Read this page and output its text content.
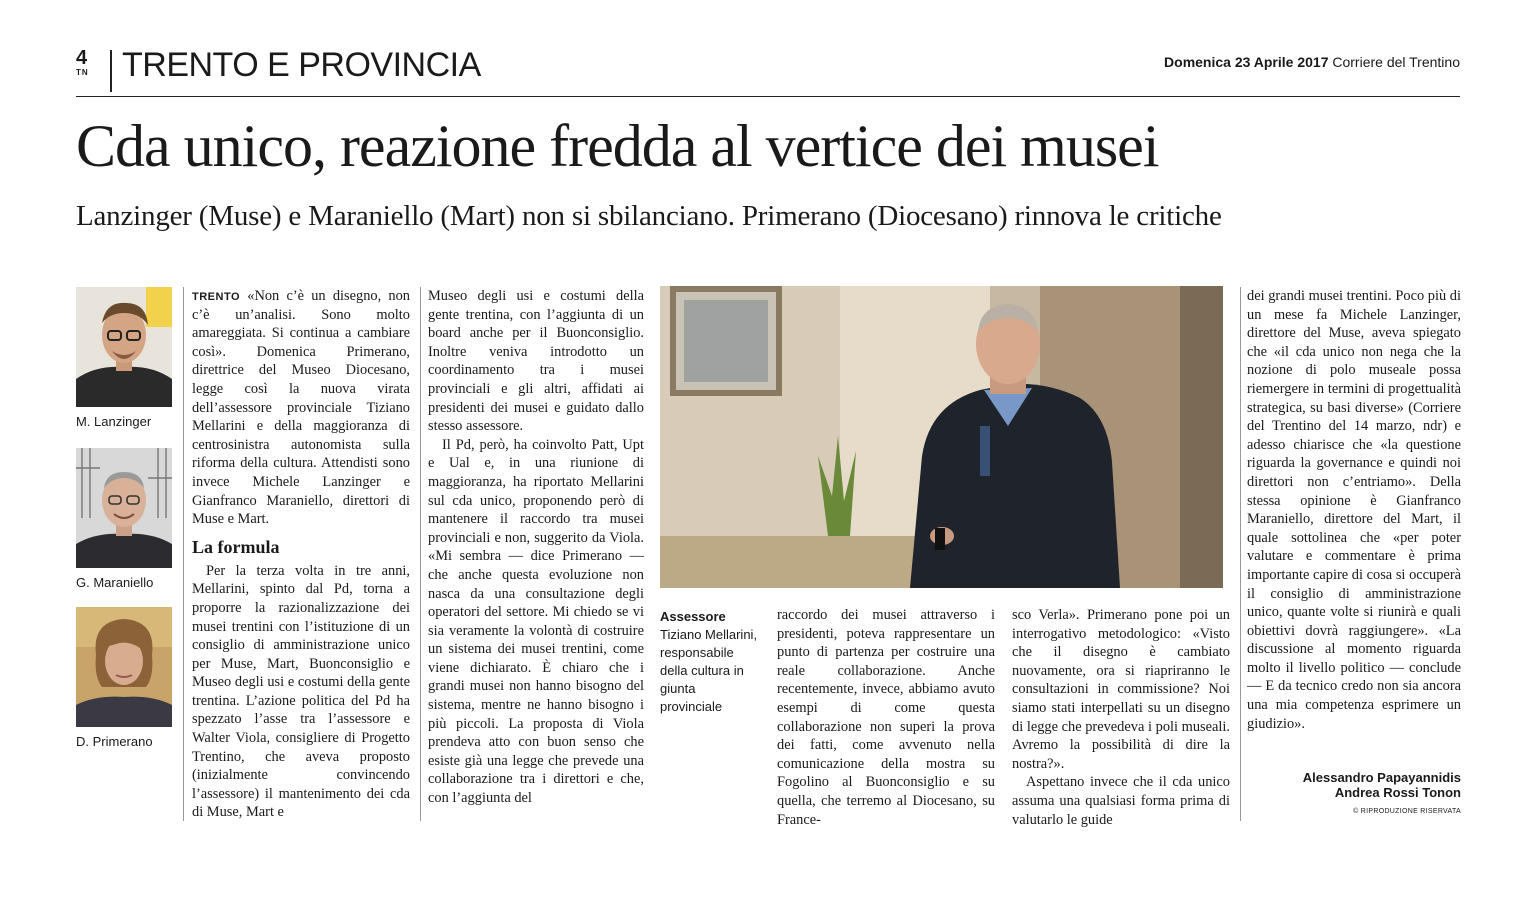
4
TN TRENTO E PROVINCIA	Domenica 23 Aprile 2017 Corriere del Trentino
Cda unico, reazione fredda al vertice dei musei
Lanzinger (Muse) e Maraniello (Mart) non si sbilanciano. Primerano (Diocesano) rinnova le critiche
M. Lanzinger
G. Maraniello
D. Primerano

TRENTO «Non c’è un disegno, non c’è un’analisi. Sono molto amareggiata. Si continua a cambiare così». Domenica Primerano, direttrice del Museo Diocesano, legge così la nuova virata dell’assessore provinciale Tiziano Mellarini e della maggioranza di centrosinistra autonomista sulla riforma della cultura. Attendisti sono invece Michele Lanzinger e Gianfranco Maraniello, direttori di Muse e Mart.

La formula

Per la terza volta in tre anni, Mellarini, spinto dal Pd, torna a proporre la razionalizzazione dei musei trentini con l’istituzione di un consiglio di amministrazione unico per Muse, Mart, Buonconsiglio e Museo degli usi e costumi della gente trentina. L’azione politica del Pd ha spezzato l’asse tra l’assessore e Walter Viola, consigliere di Progetto Trentino, che aveva proposto (inizialmente convincendo l’assessore) il mantenimento dei cda di Muse, Mart e

Museo degli usi e costumi della gente trentina, con l’aggiunta di un board anche per il Buonconsiglio. Inoltre veniva introdotto un coordinamento tra i musei provinciali e gli altri, affidati ai presidenti dei musei e guidato dallo stesso assessore.

Il Pd, però, ha coinvolto Patt, Upt e Ual e, in una riunione di maggioranza, ha riportato Mellarini sul cda unico, proponendo però di mantenere il raccordo tra musei provinciali e non, suggerito da Viola. «Mi sembra — dice Primerano — che anche questa evoluzione non nasca da una consultazione degli operatori del settore. Mi chiedo se vi sia veramente la volontà di costruire un sistema dei musei trentini, come viene dichiarato. È chiaro che i grandi musei non hanno bisogno del sistema, mentre ne hanno bisogno i più piccoli. La proposta di Viola prendeva atto con buon senso che esiste già una legge che prevede una collaborazione tra i direttori e che, con l’aggiunta del

Assessore
Tiziano Mellarini, responsabile della cultura in giunta provinciale

raccordo dei musei attraverso i presidenti, poteva rappresentare un punto di partenza per costruire una reale collaborazione. Anche recentemente, invece, abbiamo avuto esempi di come questa collaborazione non superi la prova dei fatti, come avvenuto nella comunicazione della mostra su Fogolino al Buonconsiglio e su quella, che terremo al Diocesano, su France-

sco Verla». Primerano pone poi un interrogativo metodologico: «Visto che il disegno è cambiato nuovamente, ora si riapriranno le consultazioni in commissione? Noi siamo stati interpellati su un disegno di legge che prevedeva i poli museali. Avremo la possibilità di dire la nostra?».

Aspettano invece che il cda unico assuma una qualsiasi forma prima di valutarlo le guide

dei grandi musei trentini. Poco più di un mese fa Michele Lanzinger, direttore del Muse, aveva spiegato che «il cda unico non nega che la nozione di polo museale possa riemergere in termini di progettualità strategica, su basi diverse» (Corriere del Trentino del 14 marzo, ndr) e adesso chiarisce che «la questione riguarda la governance e quindi noi direttori non c’entriamo». Della stessa opinione è Gianfranco Maraniello, direttore del Mart, il quale sottolinea che «per poter valutare e commentare è prima importante capire di cosa si occuperà il consiglio di amministrazione unico, quante volte si riunirà e quali obiettivi dovrà raggiungere». «La discussione al momento riguarda molto il livello politico — conclude — E da tecnico credo non sia ancora una mia competenza esprimere un giudizio».

Alessandro Papayannidis
Andrea Rossi Tonon
© RIPRODUZIONE RISERVATA
